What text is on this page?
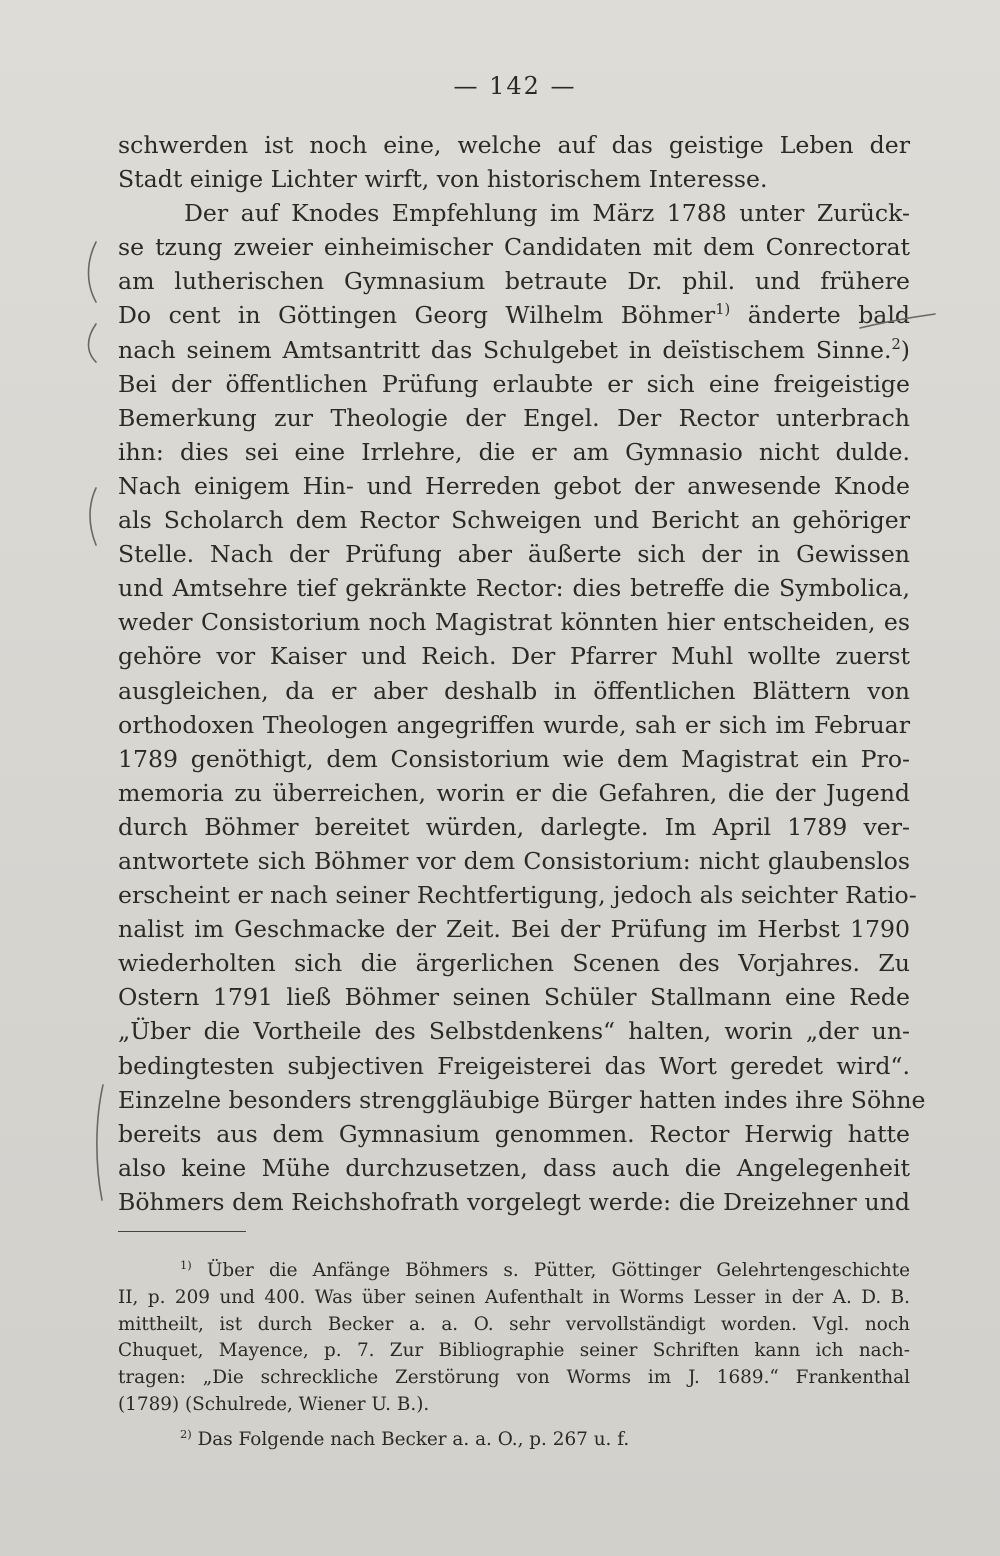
— 142 —
schwerden ist noch eine, welche auf das geistige Leben der
Stadt einige Lichter wirft, von historischem Interesse.
Der auf Knodes Empfehlung im März 1788 unter Zurück-
se tzung zweier einheimischer Candidaten mit dem Conrectorat
am lutherischen Gymnasium betraute Dr. phil. und frühere
Do cent in Göttingen Georg Wilhelm Böhmer$^{1)}$ änderte bald
nach seinem Amtsantritt das Schulgebet in deïstischem Sinne.$^2$)
Bei der öffentlichen Prüfung erlaubte er sich eine freigeistige
Bemerkung zur Theologie der Engel. Der Rector unterbrach
ihn: dies sei eine Irrlehre, die er am Gymnasio nicht dulde.
Nach einigem Hin- und Herreden gebot der anwesende Knode
als Scholarch dem Rector Schweigen und Bericht an gehöriger
Stelle. Nach der Prüfung aber äußerte sich der in Gewissen
und Amtsehre tief gekränkte Rector: dies betreffe die Symbolica,
weder Consistorium noch Magistrat könnten hier entscheiden, es
gehöre vor Kaiser und Reich. Der Pfarrer Muhl wollte zuerst
ausgleichen, da er aber deshalb in öffentlichen Blättern von
orthodoxen Theologen angegriffen wurde, sah er sich im Februar
1789 genöthigt, dem Consistorium wie dem Magistrat ein Pro-
memoria zu überreichen, worin er die Gefahren, die der Jugend
durch Böhmer bereitet würden, darlegte. Im April 1789 ver-
antwortete sich Böhmer vor dem Consistorium: nicht glaubenslos
erscheint er nach seiner Rechtfertigung, jedoch als seichter Ratio-
nalist im Geschmacke der Zeit. Bei der Prüfung im Herbst 1790
wiederholten sich die ärgerlichen Scenen des Vorjahres. Zu
Ostern 1791 ließ Böhmer seinen Schüler Stallmann eine Rede
„Über die Vortheile des Selbstdenkens“ halten, worin „der un-
bedingtesten subjectiven Freigeisterei das Wort geredet wird“.
Einzelne besonders strenggläubige Bürger hatten indes ihre Söhne
bereits aus dem Gymnasium genommen. Rector Herwig hatte
also keine Mühe durchzusetzen, dass auch die Angelegenheit
Böhmers dem Reichshofrath vorgelegt werde: die Dreizehner und
$^{1)}$ Über die Anfänge Böhmers s. Pütter, Göttinger Gelehrtengeschichte
II, p. 209 und 400. Was über seinen Aufenthalt in Worms Lesser in der A. D. B.
mittheilt, ist durch Becker a. a. O. sehr vervollständigt worden. Vgl. noch
Chuquet, Mayence, p. 7. Zur Bibliographie seiner Schriften kann ich nach-
tragen: „Die schreckliche Zerstörung von Worms im J. 1689.“ Frankenthal
(1789) (Schulrede, Wiener U. B.).
$^{2)}$ Das Folgende nach Becker a. a. O., p. 267 u. f.
